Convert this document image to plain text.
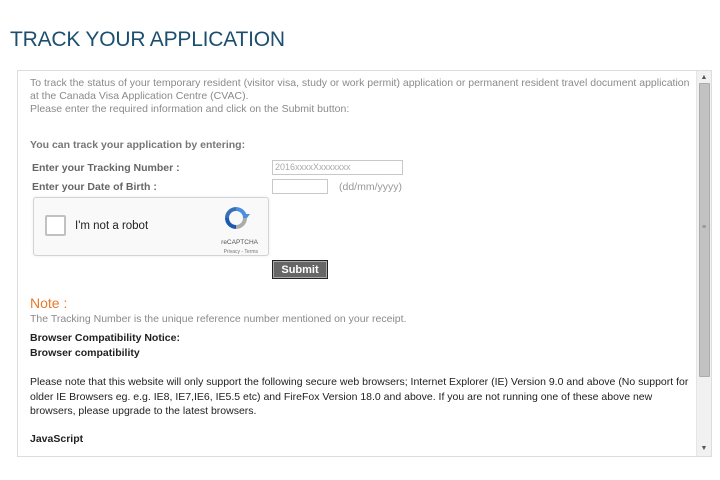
TRACK YOUR APPLICATION

To track the status of your temporary resident (visitor visa, study or work permit) application or permanent resident travel document application at the Canada Visa Application Centre (CVAC).
Please enter the required information and click on the Submit button:

You can track your application by entering:
Enter your Tracking Number :
2016xxxxXxxxxxxx
Enter your Date of Birth :	(dd/mm/yyyy)
I'm not a robot
reCAPTCHA
Privacy - Terms
Submit
Note :
The Tracking Number is the unique reference number mentioned on your receipt.
Browser Compatibility Notice:
Browser compatibility

Please note that this website will only support the following secure web browsers; Internet Explorer (IE) Version 9.0 and above (No support for older IE Browsers eg. e.g. IE8, IE7,IE6, IE5.5 etc) and FireFox Version 18.0 and above. If you are not running one of these above new browsers, please upgrade to the latest browsers.

JavaScript
▲
≡
▼
